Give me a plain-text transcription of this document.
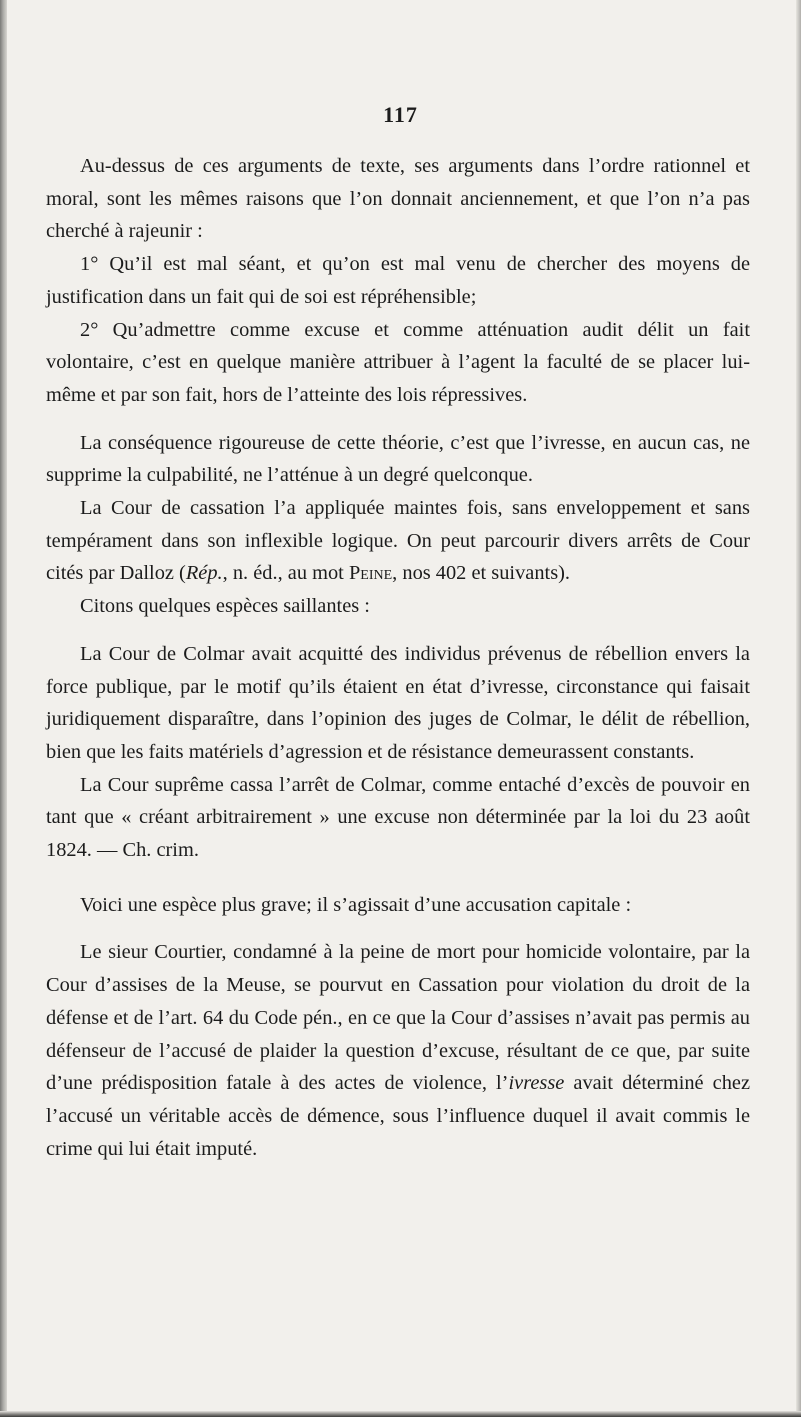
117

Au-dessus de ces arguments de texte, ses arguments dans l’ordre rationnel et moral, sont les mêmes raisons que l’on donnait anciennement, et que l’on n’a pas cherché à rajeunir :

1° Qu’il est mal séant, et qu’on est mal venu de chercher des moyens de justification dans un fait qui de soi est répréhensible;

2° Qu’admettre comme excuse et comme atténuation audit délit un fait volontaire, c’est en quelque manière attribuer à l’agent la faculté de se placer lui-même et par son fait, hors de l’atteinte des lois répressives.

La conséquence rigoureuse de cette théorie, c’est que l’ivresse, en aucun cas, ne supprime la culpabilité, ne l’atténue à un degré quelconque.

La Cour de cassation l’a appliquée maintes fois, sans enveloppement et sans tempérament dans son inflexible logique. On peut parcourir divers arrêts de Cour cités par Dalloz (Rép., n. éd., au mot Peine, nos 402 et suivants).

Citons quelques espèces saillantes :

La Cour de Colmar avait acquitté des individus prévenus de rébellion envers la force publique, par le motif qu’ils étaient en état d’ivresse, circonstance qui faisait juridiquement disparaître, dans l’opinion des juges de Colmar, le délit de rébellion, bien que les faits matériels d’agression et de résistance demeurassent constants.

La Cour suprême cassa l’arrêt de Colmar, comme entaché d’excès de pouvoir en tant que « créant arbitrairement » une excuse non déterminée par la loi du 23 août 1824. — Ch. crim.

Voici une espèce plus grave; il s’agissait d’une accusation capitale :

Le sieur Courtier, condamné à la peine de mort pour homicide volontaire, par la Cour d’assises de la Meuse, se pourvut en Cassation pour violation du droit de la défense et de l’art. 64 du Code pén., en ce que la Cour d’assises n’avait pas permis au défenseur de l’accusé de plaider la question d’excuse, résultant de ce que, par suite d’une prédisposition fatale à des actes de violence, l’ivresse avait déterminé chez l’accusé un véritable accès de démence, sous l’influence duquel il avait commis le crime qui lui était imputé.
